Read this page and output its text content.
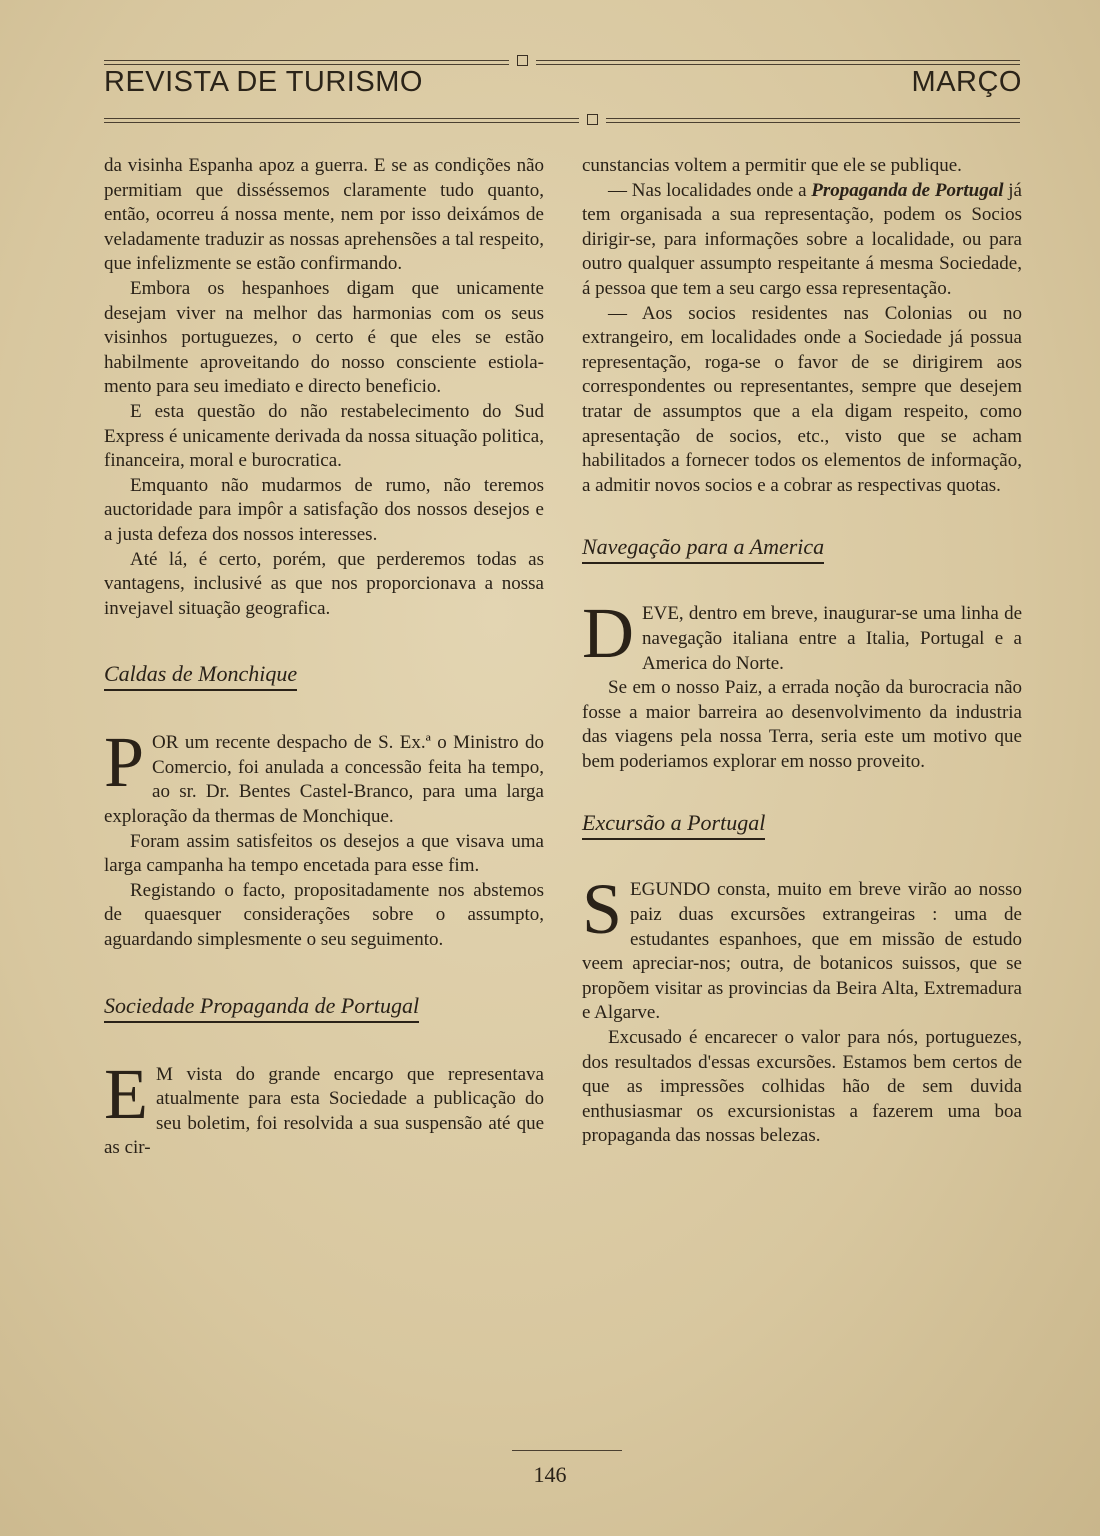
REVISTA DE TURISMO	MARÇO

da visinha Espanha apoz a guerra. E se as condições não permitiam que disséssemos claramente tudo quanto, então, ocorreu á nossa mente, nem por isso deixámos de veladamente traduzir as nossas aprehensões a tal respeito, que infelizmente se estão confirmando.

Embora os hespanhoes digam que unicamente desejam viver na melhor das harmonias com os seus visinhos portuguezes, o certo é que eles se estão habilmente aproveitando do nosso consciente estiolamento para seu imediato e directo beneficio.

E esta questão do não restabelecimento do Sud Express é unicamente derivada da nossa situação politica, financeira, moral e burocratica.

Emquanto não mudarmos de rumo, não teremos auctoridade para impôr a satisfação dos nossos desejos e a justa defeza dos nossos interesses.

Até lá, é certo, porém, que perderemos todas as vantagens, inclusivé as que nos proporcionava a nossa invejavel situação geografica.

Caldas de Monchique

POR um recente despacho de S. Ex.ª o Ministro do Comercio, foi anulada a concessão feita ha tempo, ao sr. Dr. Bentes Castel-Branco, para uma larga exploração da thermas de Monchique.

Foram assim satisfeitos os desejos a que visava uma larga campanha ha tempo encetada para esse fim.

Registando o facto, propositadamente nos abstemos de quaesquer considerações sobre o assumpto, aguardando simplesmente o seu seguimento.

Sociedade Propaganda de Portugal

E M vista do grande encargo que representava atualmente para esta Sociedade a publicação do seu boletim, foi resolvida a sua suspensão até que as cir-

cunstancias voltem a permitir que ele se publique.

— Nas localidades onde a Propaganda de Portugal já tem organisada a sua representação, podem os Socios dirigir-se, para informações sobre a localidade, ou para outro qualquer assumpto respeitante á mesma Sociedade, á pessoa que tem a seu cargo essa representação.

— Aos socios residentes nas Colonias ou no extrangeiro, em localidades onde a Sociedade já possua representação, roga-se o favor de se dirigirem aos correspondentes ou representantes, sempre que desejem tratar de assumptos que a ela digam respeito, como apresentação de socios, etc., visto que se acham habilitados a fornecer todos os elementos de informação, a admitir novos socios e a cobrar as respectivas quotas.

Navegação para a America

DEVE, dentro em breve, inaugurar-se uma linha de navegação italiana entre a Italia, Portugal e a America do Norte.

Se em o nosso Paiz, a errada noção da burocracia não fosse a maior barreira ao desenvolvimento da industria das viagens pela nossa Terra, seria este um motivo que bem poderiamos explorar em nosso proveito.

Excursão a Portugal

SEGUNDO consta, muito em breve virão ao nosso paiz duas excursões extrangeiras : uma de estudantes espanhoes, que em missão de estudo veem apreciar-nos; outra, de botanicos suissos, que se propõem visitar as provincias da Beira Alta, Extremadura e Algarve.

Excusado é encarecer o valor para nós, portuguezes, dos resultados d'essas excursões. Estamos bem certos de que as impressões colhidas hão de sem duvida enthusiasmar os excursionistas a fazerem uma boa propaganda das nossas belezas.

146
